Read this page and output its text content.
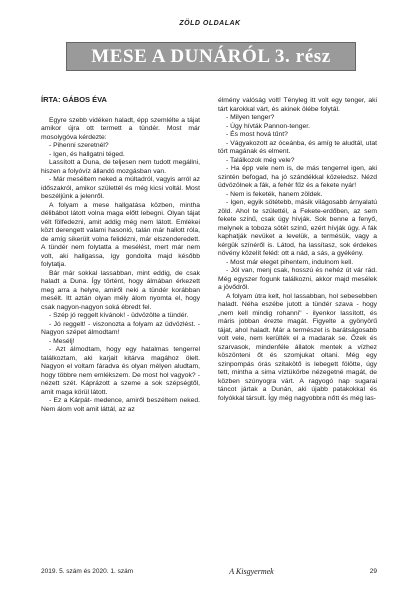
ZÖLD OLDALAK
MESE A DUNÁRÓL 3. rész

ÍRTA: GÁBOS ÉVA

Egyre szebb vidéken haladt, épp szemlélte a tájat amikor újra ott termett a tündér. Most már mosolygóva kérdezte:

- Pihenni szeretnél?

- Igen, és hallgatni téged.

Lassított a Duna, de teljesen nem tudott megállni, hiszen a folyóvíz állandó mozgásban van.

- Már meséltem neked a múltadról, vagyis arról az időszakról, amikor születtél és még kicsi voltál. Most beszéljünk a jelenről.

A folyam a mese hallgatása közben, mintha délibábot látott volna maga előtt lebegni. Olyan tájat vélt fölfedezni, amit addig még nem látott. Emlékei közt derengett valami hasonló, talán már hallott róla, de amíg sikerült volna felidézni, már elszenderedett. A tündér nem folytatta a mesélést, mert már nem volt, aki hallgassa, így gondolta majd később folytatja.

Bár már sokkal lassabban, mint eddig, de csak haladt a Duna. Így történt, hogy álmában érkezett meg arra a helyre, amiről neki a tündér korábban mesélt. Itt aztán olyan mély álom nyomta el, hogy csak nagyon-nagyon soká ébredt fel.

- Szép jó reggelt kívánok! - üdvözölte a tündér.

- Jó reggelt! - viszonozta a folyam az üdvözlést. - Nagyon szépet álmodtam!

- Mesélj!

- Azt álmodtam, hogy egy hatalmas tengerrel találkoztam, aki karjait kitárva magához ölelt. Nagyon el voltam fáradva és olyan mélyen aludtam, hogy többre nem emlékszem. De most hol vagyok? - nézett szét. Káprázott a szeme a sok szépségtől, amit maga körül látott.

- Ez a Kárpát- medence, amiről beszéltem neked. Nem álom volt amit láttál, az az

élmény valóság volt! Tényleg itt volt egy tenger, aki tárt karokkal várt, és akinek ölébe folytál.

- Milyen tenger?

- Úgy hívták Pannon-tenger.

- És most hová tűnt?

- Vágyakozott az óceánba, és amíg te aludtál, utat tört magának és elment.

- Találkozok még vele?

- Ha épp vele nem is, de más tengerrel igen, aki szintén befogad, ha jó szándékkal közeledsz. Nézd üdvözölnek a fák, a fehér fűz és a fekete nyár!

- Nem is feketék, hanem zöldek.

- Igen, egyik sötétebb, másik világosabb árnyalatú zöld. Ahol te születtél, a Fekete-erdőben, az sem fekete színű, csak úgy hívják. Sok benne a fenyő, melynek a toboza sötét színű, ezért hívják úgy. A fák kaphatják nevüket a levelük, a termésük, vagy a kérgük színéről is. Látod, ha lassítasz, sok érdekes növény közelít feléd: ott a nád, a sás, a gyékény.

- Most már eleget pihentem, indulnom kell.

- Jól van, menj csak, hosszú és nehéz út vár rád. Még egyszer fogunk találkozni, akkor majd mesélek a jövődről.

A folyam útra kelt, hol lassabban, hol sebesebben haladt. Néha eszébe jutott a tündér szava - hogy „nem kell mindig rohanni" - ilyenkor lassított, és máris jobban érezte magát. Figyelte a gyönyörű tájat, ahol haladt. Már a természet is barátságosabb volt vele, nem kerülték el a madarak se. Őzek és szarvasok, mindenféle állatok mentek a vízhez köszönteni őt és szomjukat oltani. Még egy szinpompás órás szitakötő is lebegett fölötte, úgy tett, mintha a sima víztükörbe nézegetné magát, de közben szúnyogra várt. A ragyogó nap sugarai táncot jártak a Dunán, aki újabb patakokkal és folyókkal társult. Így még nagyobbra nőtt és még las-

2019. 5. szám és 2020. 1. szám	A Kisgyermek	29
